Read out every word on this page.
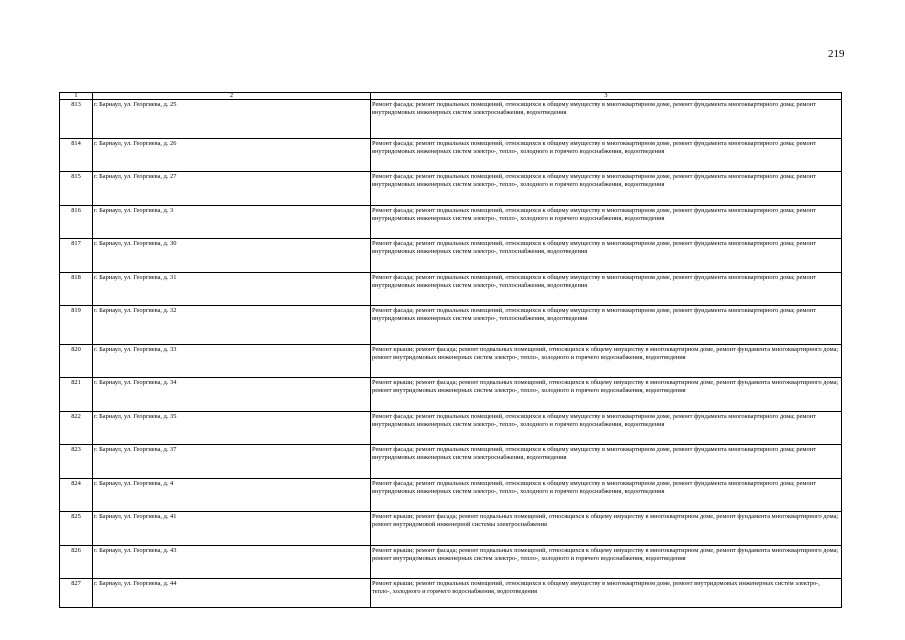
219
1	2	3
813	г. Барнаул, ул. Георгиева, д. 25	Ремонт фасада; ремонт подвальных помещений, относящихся к общему имуществу в многоквартирном доме, ремонт фундамента многоквартирного дома; ремонт внутридомовых инженерных систем электроснабжения, водоотведения
814	г. Барнаул, ул. Георгиева, д. 26	Ремонт фасада; ремонт подвальных помещений, относящихся к общему имуществу в многоквартирном доме, ремонт фундамента многоквартирного дома; ремонт внутридомовых инженерных систем электро-, тепло-, холодного и горячего водоснабжения, водоотведения
815	г. Барнаул, ул. Георгиева, д. 27	Ремонт фасада; ремонт подвальных помещений, относящихся к общему имуществу в многоквартирном доме, ремонт фундамента многоквартирного дома; ремонт внутридомовых инженерных систем электро-, тепло-, холодного и горячего водоснабжения, водоотведения
816	г. Барнаул, ул. Георгиева, д. 3	Ремонт фасада; ремонт подвальных помещений, относящихся к общему имуществу в многоквартирном доме, ремонт фундамента многоквартирного дома; ремонт внутридомовых инженерных систем электро-, тепло-, холодного и горячего водоснабжения, водоотведения
817	г. Барнаул, ул. Георгиева, д. 30	Ремонт фасада; ремонт подвальных помещений, относящихся к общему имуществу в многоквартирном доме, ремонт фундамента многоквартирного дома; ремонт внутридомовых инженерных систем электро-, теплоснабжения, водоотведения
818	г. Барнаул, ул. Георгиева, д. 31	Ремонт фасада; ремонт подвальных помещений, относящихся к общему имуществу в многоквартирном доме, ремонт фундамента многоквартирного дома; ремонт внутридомовых инженерных систем электро-, теплоснабжения, водоотведения
819	г. Барнаул, ул. Георгиева, д. 32	Ремонт фасада; ремонт подвальных помещений, относящихся к общему имуществу в многоквартирном доме, ремонт фундамента многоквартирного дома; ремонт внутридомовых инженерных систем электро-, теплоснабжения, водоотведения
820	г. Барнаул, ул. Георгиева, д. 33	Ремонт крыши; ремонт фасада; ремонт подвальных помещений, относящихся к общему имуществу в многоквартирном доме, ремонт фундамента многоквартирного дома; ремонт внутридомовых инженерных систем электро-, тепло-, холодного и горячего водоснабжения, водоотведения
821	г. Барнаул, ул. Георгиева, д. 34	Ремонт крыши; ремонт фасада; ремонт подвальных помещений, относящихся к общему имуществу в многоквартирном доме, ремонт фундамента многоквартирного дома; ремонт внутридомовых инженерных систем электро-, тепло-, холодного и горячего водоснабжения, водоотведения
822	г. Барнаул, ул. Георгиева, д. 35	Ремонт фасада; ремонт подвальных помещений, относящихся к общему имуществу в многоквартирном доме, ремонт фундамента многоквартирного дома; ремонт внутридомовых инженерных систем электро-, тепло-, холодного и горячего водоснабжения, водоотведения
823	г. Барнаул, ул. Георгиева, д. 37	Ремонт фасада; ремонт подвальных помещений, относящихся к общему имуществу в многоквартирном доме, ремонт фундамента многоквартирного дома; ремонт внутридомовых инженерных систем электроснабжения, водоотведения
824	г. Барнаул, ул. Георгиева, д. 4	Ремонт фасада; ремонт подвальных помещений, относящихся к общему имуществу в многоквартирном доме, ремонт фундамента многоквартирного дома; ремонт внутридомовых инженерных систем электро-, тепло-, холодного и горячего водоснабжения, водоотведения
825	г. Барнаул, ул. Георгиева, д. 41	Ремонт крыши; ремонт фасада; ремонт подвальных помещений, относящихся к общему имуществу в многоквартирном доме, ремонт фундамента многоквартирного дома; ремонт внутридомовой инженерной системы электроснабжения
826	г. Барнаул, ул. Георгиева, д. 43	Ремонт крыши; ремонт фасада; ремонт подвальных помещений, относящихся к общему имуществу в многоквартирном доме, ремонт фундамента многоквартирного дома; ремонт внутридомовых инженерных систем электро-, тепло-, холодного и горячего водоснабжения, водоотведения
827	г. Барнаул, ул. Георгиева, д. 44	Ремонт крыши; ремонт подвальных помещений, относящихся к общему имуществу в многоквартирном доме, ремонт внутридомовых инженерных систем электро-, тепло-, холодного и горячего водоснабжения, водоотведения
